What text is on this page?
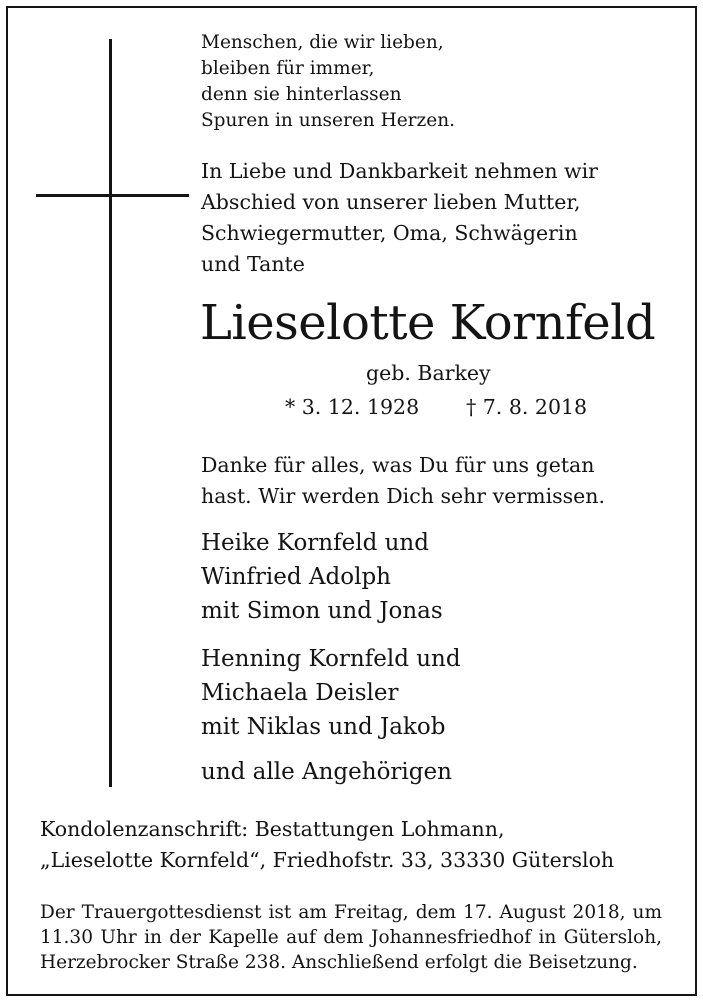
Menschen, die wir lieben,
bleiben für immer,
denn sie hinterlassen
Spuren in unseren Herzen.

In Liebe und Dankbarkeit nehmen wir
Abschied von unserer lieben Mutter,
Schwiegermutter, Oma, Schwägerin
und Tante

Lieselotte Kornfeld
geb. Barkey
* 3. 12. 1928 † 7. 8. 2018

Danke für alles, was Du für uns getan
hast. Wir werden Dich sehr vermissen.

Heike Kornfeld und
Winfried Adolph
mit Simon und Jonas

Henning Kornfeld und
Michaela Deisler
mit Niklas und Jakob

und alle Angehörigen

Kondolenzanschrift: Bestattungen Lohmann,
„Lieselotte Kornfeld“, Friedhofstr. 33, 33330 Gütersloh
Der Trauergottesdienst ist am Freitag, dem 17. August 2018, um
11.30 Uhr in der Kapelle auf dem Johannesfriedhof in Gütersloh,
Herzebrocker Straße 238. Anschließend erfolgt die Beisetzung.
